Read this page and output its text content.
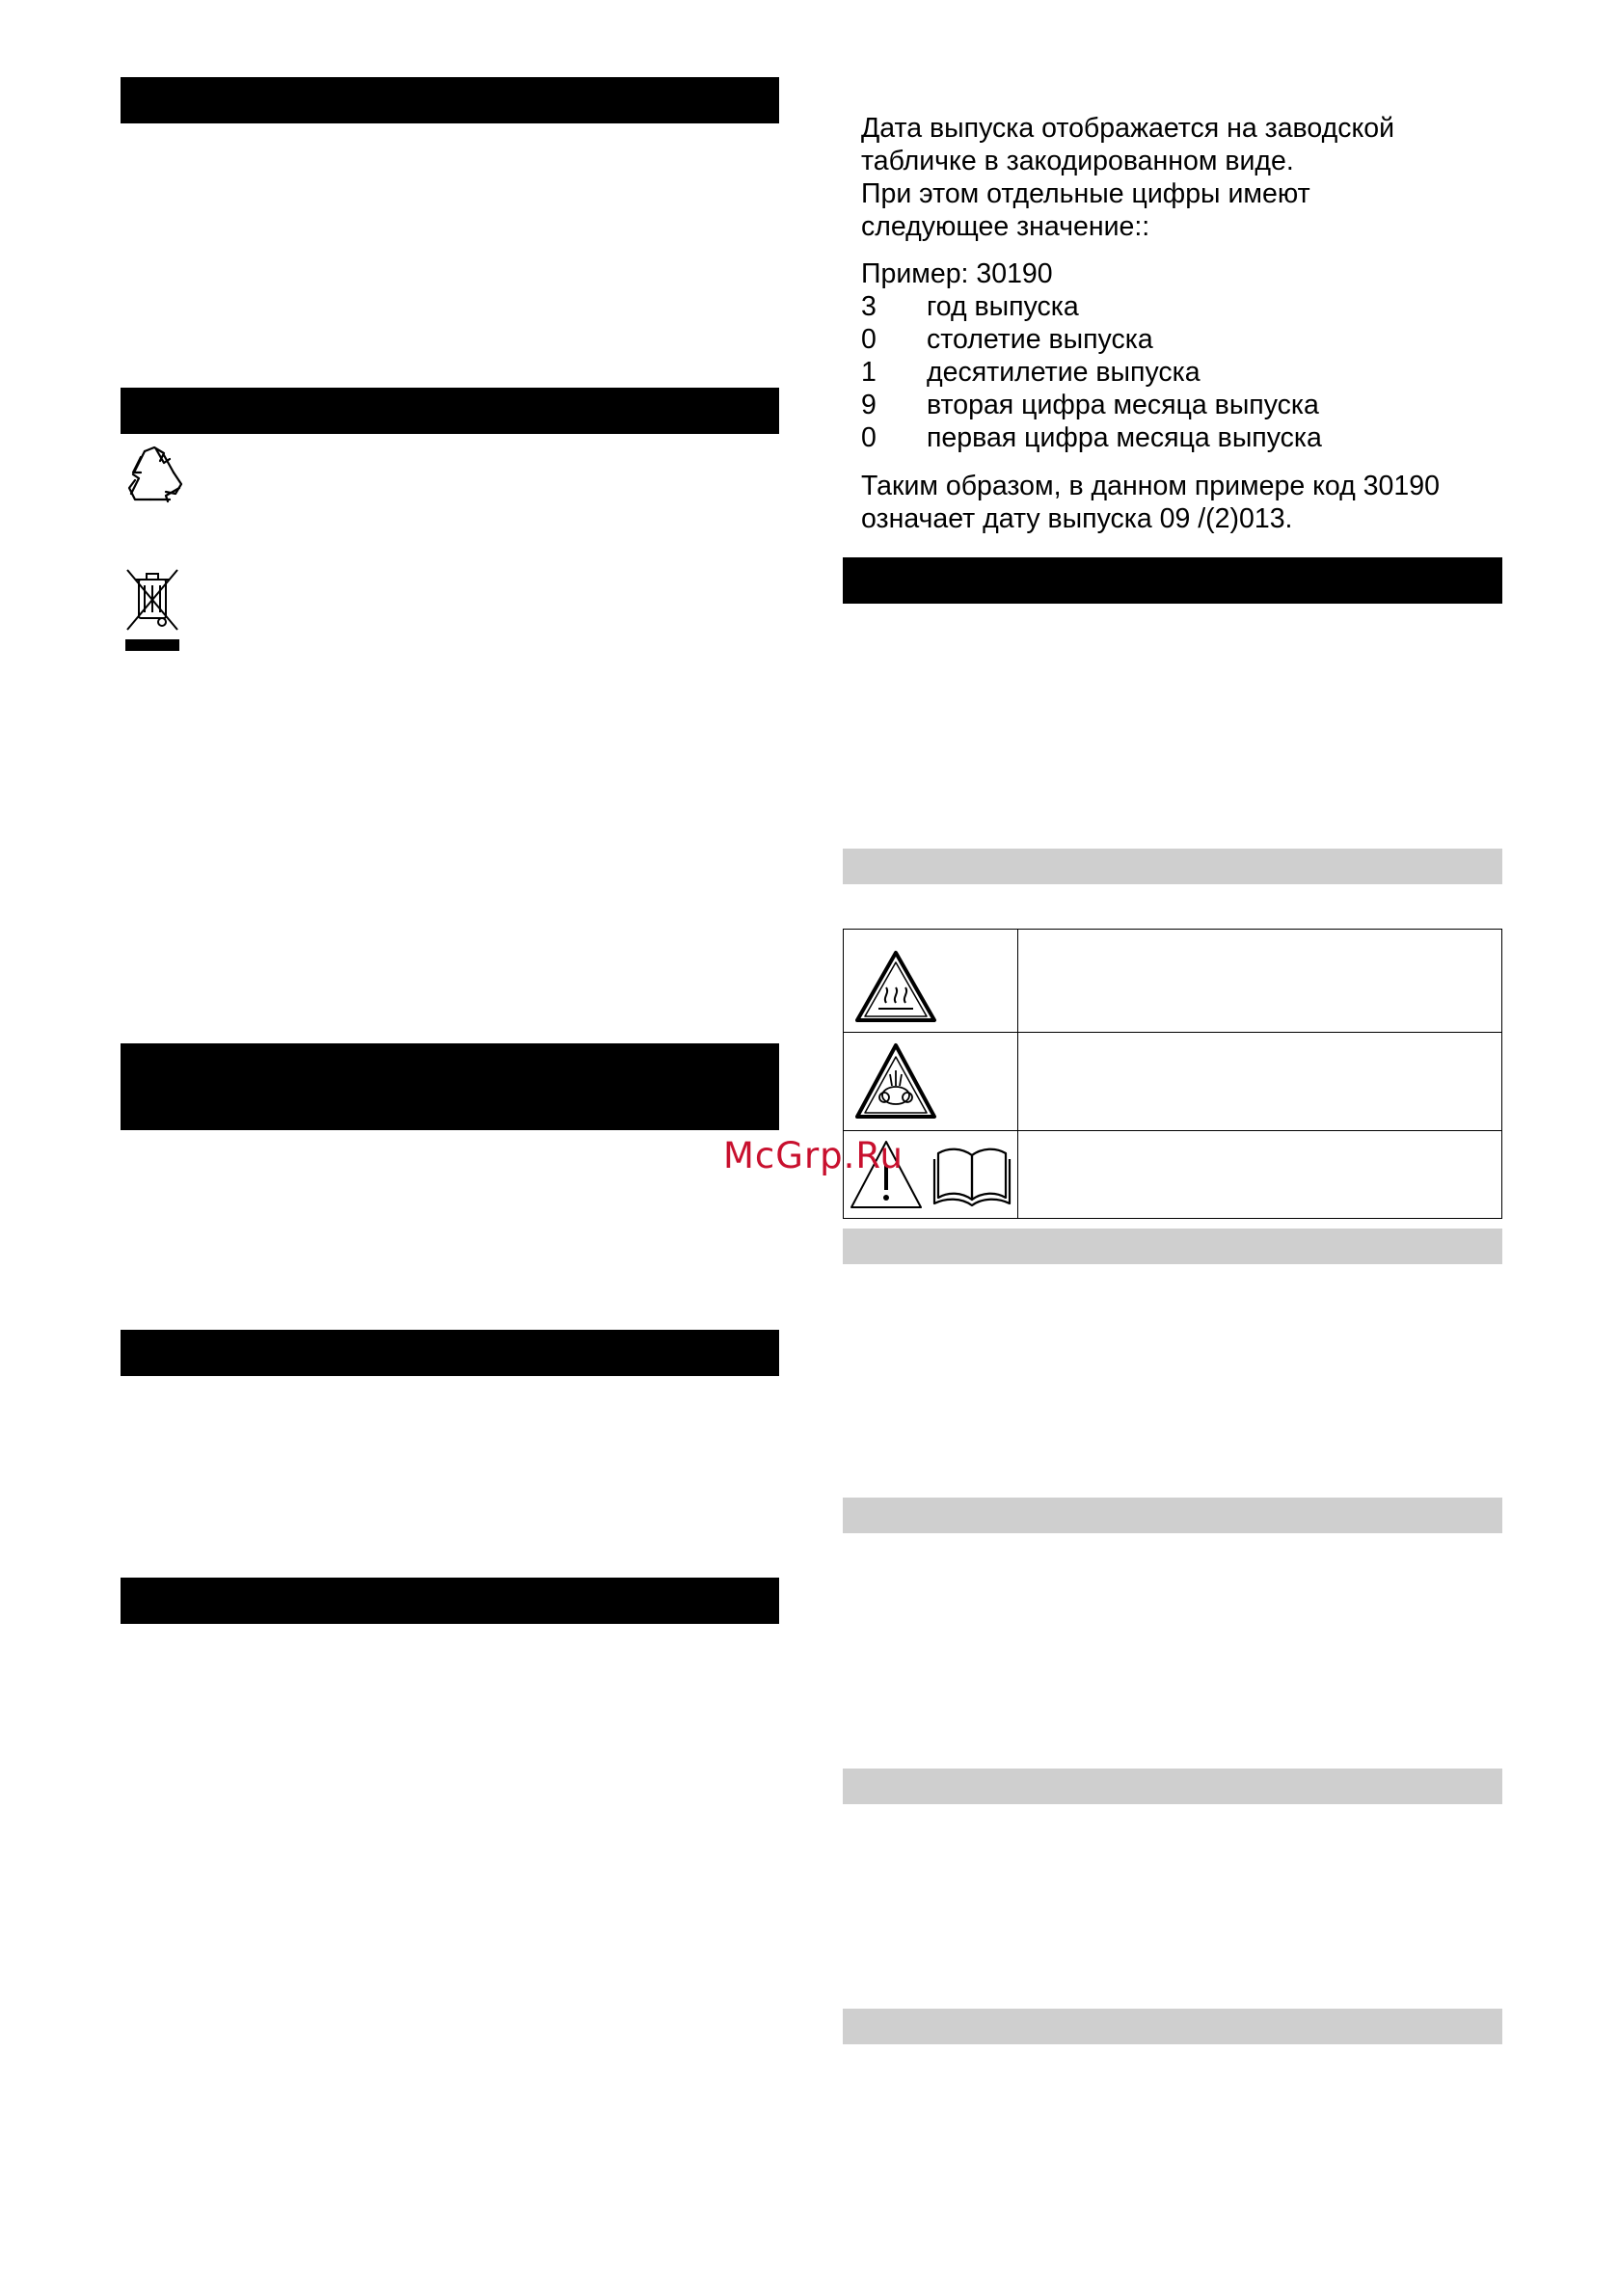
Дата выпуска отображается на заводской
табличке в закодированном виде.
При этом отдельные цифры имеют
следующее значение::
Пример: 30190
3	год выпуска
0	столетие выпуска
1	десятилетие выпуска
9	вторая цифра месяца выпуска
0	первая цифра месяца выпуска
Таким образом, в данном примере код 30190
означает дату выпуска 09 /(2)013.
McGrp.Ru
